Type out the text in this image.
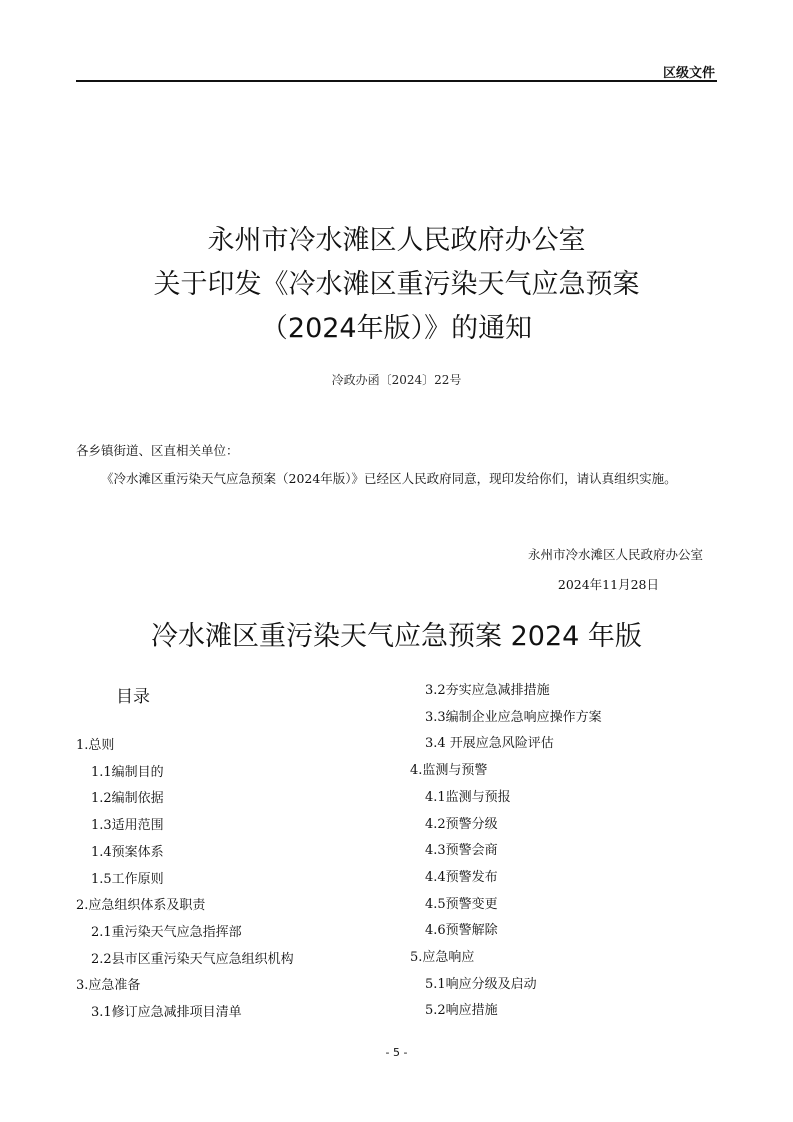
区级文件
永州市冷水滩区人民政府办公室
关于印发《冷水滩区重污染天气应急预案
（2024年版）》的通知
冷政办函〔2024〕22号
各乡镇街道、区直相关单位：
《冷水滩区重污染天气应急预案（2024年版）》已经区人民政府同意，现印发给你们，请认真组织实施。
永州市冷水滩区人民政府办公室
2024年11月28日
冷水滩区重污染天气应急预案 2024 年版
目录
1.总则
1.1编制目的
1.2编制依据
1.3适用范围
1.4预案体系
1.5工作原则
2.应急组织体系及职责
2.1重污染天气应急指挥部
2.2县市区重污染天气应急组织机构
3.应急准备
3.1修订应急减排项目清单
3.2夯实应急减排措施
3.3编制企业应急响应操作方案
3.4 开展应急风险评估
4.监测与预警
4.1监测与预报
4.2预警分级
4.3预警会商
4.4预警发布
4.5预警变更
4.6预警解除
5.应急响应
5.1响应分级及启动
5.2响应措施
- 5 -
